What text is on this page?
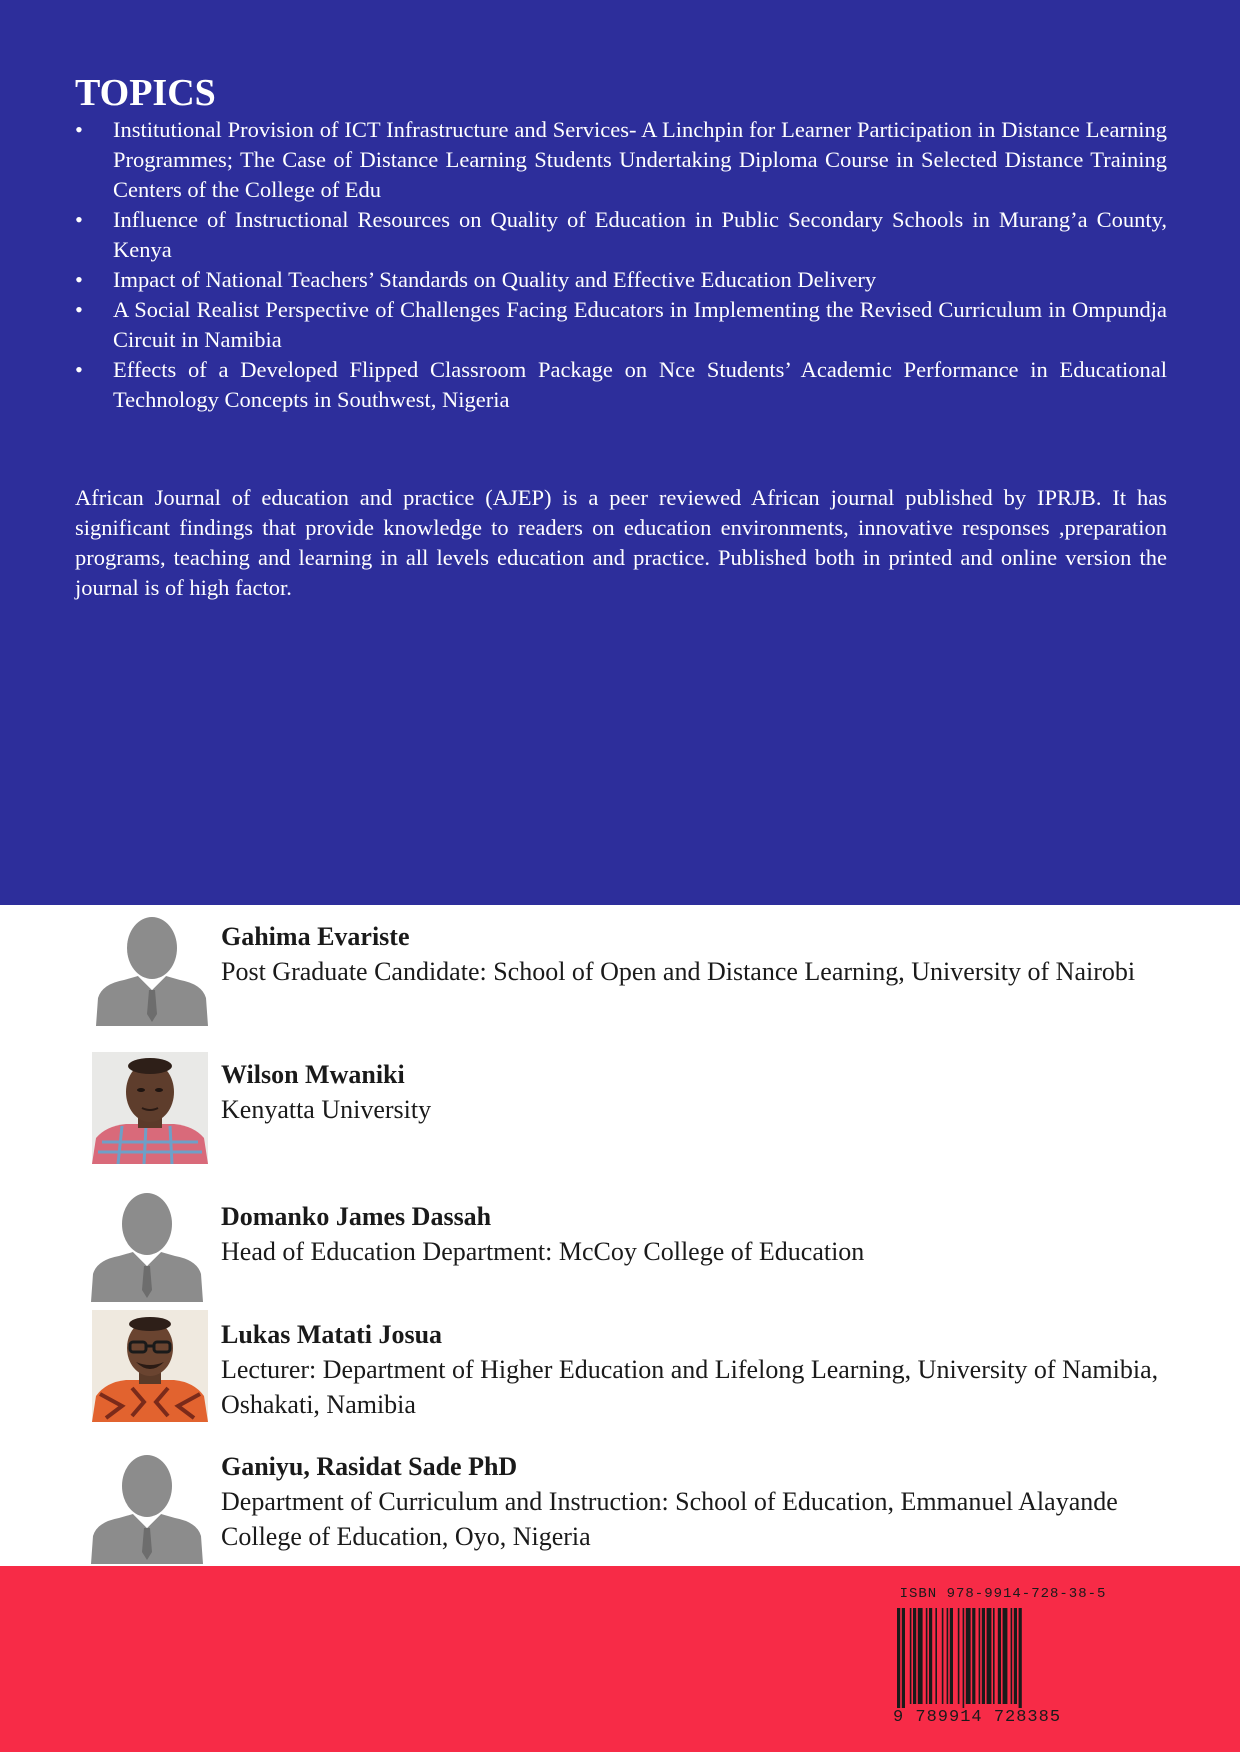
TOPICS
• Institutional Provision of ICT Infrastructure and Services- A Linchpin for Learner Participation in Distance Learning Programmes; The Case of Distance Learning Students Undertaking Diploma Course in Selected Distance Training Centers of the College of Edu
• Influence of Instructional Resources on Quality of Education in Public Secondary Schools in Murang’a County, Kenya
• Impact of National Teachers’ Standards on Quality and Effective Education Delivery
• A Social Realist Perspective of Challenges Facing Educators in Implementing the Revised Curriculum in Ompundja Circuit in Namibia
• Effects of a Developed Flipped Classroom Package on Nce Students’ Academic Performance in Educational Technology Concepts in Southwest, Nigeria

African Journal of education and practice (AJEP) is a peer reviewed African journal published by IPRJB. It has significant findings that provide knowledge to readers on education environments, innovative responses ,preparation programs, teaching and learning in all levels education and practice. Published both in printed and online version the journal is of high factor.

Gahima Evariste

Post Graduate Candidate: School of Open and Distance Learning, University of Nairobi

Wilson Mwaniki

Kenyatta University

Domanko James Dassah

Head of Education Department: McCoy College of Education

Lukas Matati Josua

Lecturer: Department of Higher Education and Lifelong Learning, University of Namibia, Oshakati, Namibia

Ganiyu, Rasidat Sade PhD

Department of Curriculum and Instruction: School of Education, Emmanuel Alayande College of Education, Oyo, Nigeria

ISBN 978-9914-728-38-5
9 789914 728385
